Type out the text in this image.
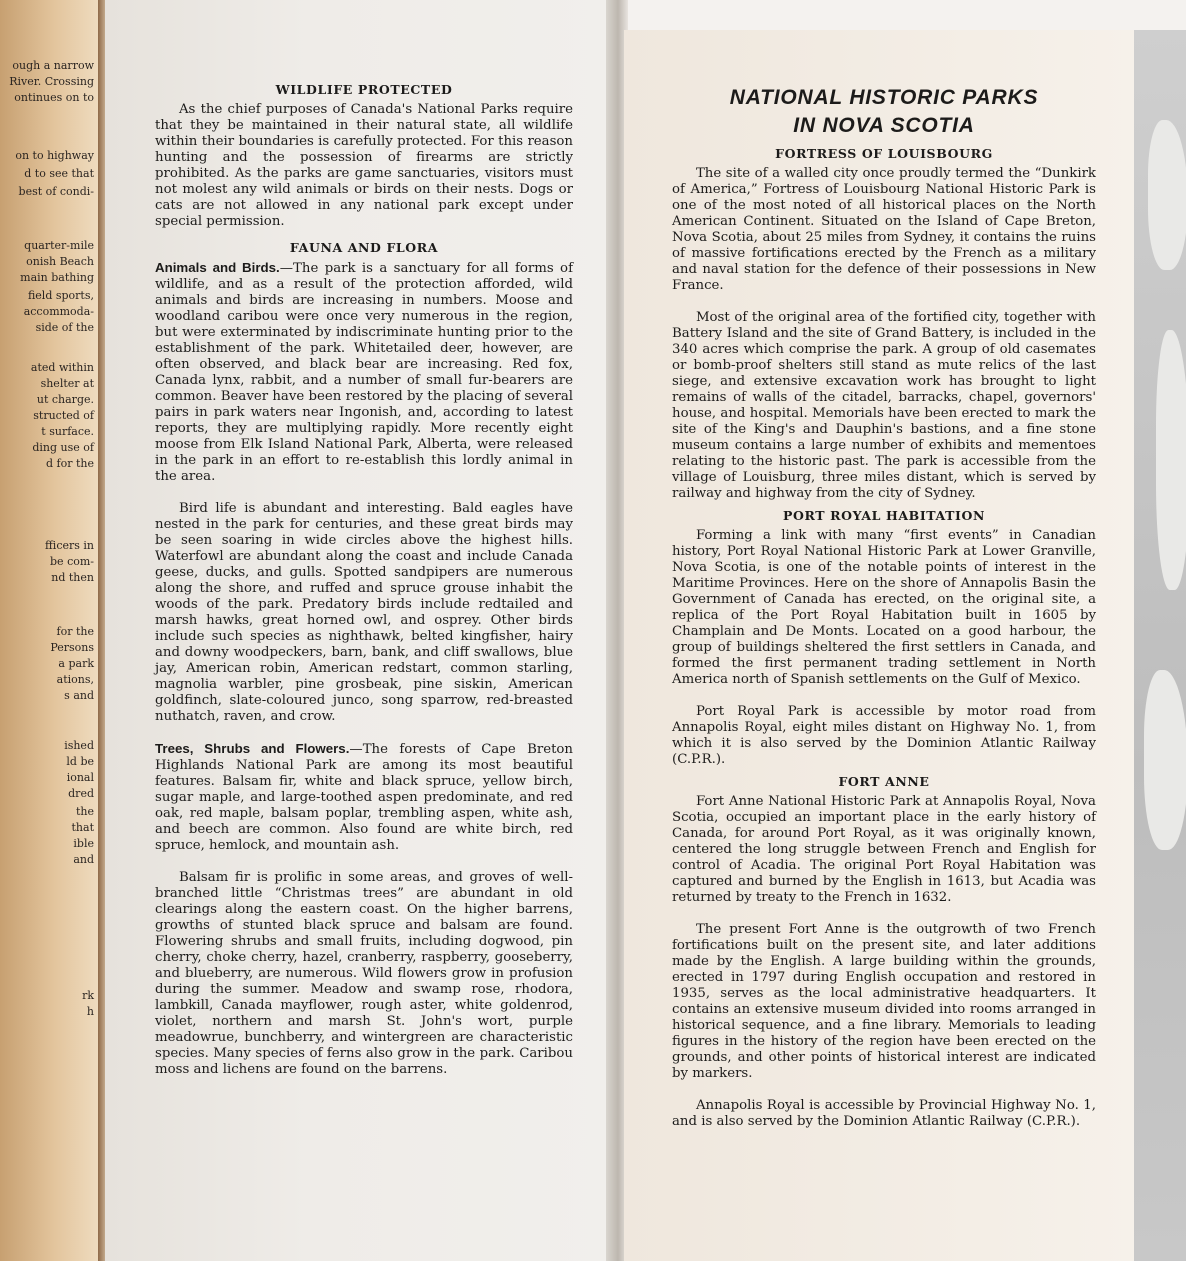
ough a narrow
River. Crossing
ontinues on to
on to highway
d to see that
best of condi-
quarter-mile
onish Beach
main bathing
field sports,
accommoda-
side of the
ated within
shelter at
ut charge.
structed of
t surface.
ding use of
d for the
fficers in
be com-
nd then
for the
Persons
a park
ations,
s and
ished
ld be
ional
dred
the
that
ible
and
rk
h
WILDLIFE PROTECTED

As the chief purposes of Canada's National Parks require that they be maintained in their natural state, all wildlife within their boundaries is carefully protected. For this reason hunting and the possession of firearms are strictly prohibited. As the parks are game sanctuaries, visitors must not molest any wild animals or birds on their nests. Dogs or cats are not allowed in any national park except under special permission.

FAUNA AND FLORA

Animals and Birds.—The park is a sanctuary for all forms of wildlife, and as a result of the protection afforded, wild animals and birds are increasing in numbers. Moose and woodland caribou were once very numerous in the region, but were exterminated by indiscriminate hunting prior to the establishment of the park. Whitetailed deer, however, are often observed, and black bear are increasing. Red fox, Canada lynx, rabbit, and a number of small fur-bearers are common. Beaver have been restored by the placing of several pairs in park waters near Ingonish, and, according to latest reports, they are multiplying rapidly. More recently eight moose from Elk Island National Park, Alberta, were released in the park in an effort to re-establish this lordly animal in the area.

Bird life is abundant and interesting. Bald eagles have nested in the park for centuries, and these great birds may be seen soaring in wide circles above the highest hills. Waterfowl are abundant along the coast and include Canada geese, ducks, and gulls. Spotted sandpipers are numerous along the shore, and ruffed and spruce grouse inhabit the woods of the park. Predatory birds include redtailed and marsh hawks, great horned owl, and osprey. Other birds include such species as nighthawk, belted kingfisher, hairy and downy woodpeckers, barn, bank, and cliff swallows, blue jay, American robin, American redstart, common starling, magnolia warbler, pine grosbeak, pine siskin, American goldfinch, slate-coloured junco, song sparrow, red-breasted nuthatch, raven, and crow.

Trees, Shrubs and Flowers.—The forests of Cape Breton Highlands National Park are among its most beautiful features. Balsam fir, white and black spruce, yellow birch, sugar maple, and large-toothed aspen predominate, and red oak, red maple, balsam poplar, trembling aspen, white ash, and beech are common. Also found are white birch, red spruce, hemlock, and mountain ash.

Balsam fir is prolific in some areas, and groves of well-branched little “Christmas trees” are abundant in old clearings along the eastern coast. On the higher barrens, growths of stunted black spruce and balsam are found. Flowering shrubs and small fruits, including dogwood, pin cherry, choke cherry, hazel, cranberry, raspberry, gooseberry, and blueberry, are numerous. Wild flowers grow in profusion during the summer. Meadow and swamp rose, rhodora, lambkill, Canada mayflower, rough aster, white goldenrod, violet, northern and marsh St. John's wort, purple meadowrue, bunchberry, and wintergreen are characteristic species. Many species of ferns also grow in the park. Caribou moss and lichens are found on the barrens.

NATIONAL HISTORIC PARKS
IN NOVA SCOTIA
FORTRESS OF LOUISBOURG

The site of a walled city once proudly termed the “Dunkirk of America,” Fortress of Louisbourg National Historic Park is one of the most noted of all historical places on the North American Continent. Situated on the Island of Cape Breton, Nova Scotia, about 25 miles from Sydney, it contains the ruins of massive fortifications erected by the French as a military and naval station for the defence of their possessions in New France.

Most of the original area of the fortified city, together with Battery Island and the site of Grand Battery, is included in the 340 acres which comprise the park. A group of old casemates or bomb-proof shelters still stand as mute relics of the last siege, and extensive excavation work has brought to light remains of walls of the citadel, barracks, chapel, governors' house, and hospital. Memorials have been erected to mark the site of the King's and Dauphin's bastions, and a fine stone museum contains a large number of exhibits and mementoes relating to the historic past. The park is accessible from the village of Louisburg, three miles distant, which is served by railway and highway from the city of Sydney.

PORT ROYAL HABITATION

Forming a link with many “first events” in Canadian history, Port Royal National Historic Park at Lower Granville, Nova Scotia, is one of the notable points of interest in the Maritime Provinces. Here on the shore of Annapolis Basin the Government of Canada has erected, on the original site, a replica of the Port Royal Habitation built in 1605 by Champlain and De Monts. Located on a good harbour, the group of buildings sheltered the first settlers in Canada, and formed the first permanent trading settlement in North America north of Spanish settlements on the Gulf of Mexico.

Port Royal Park is accessible by motor road from Annapolis Royal, eight miles distant on Highway No. 1, from which it is also served by the Dominion Atlantic Railway (C.P.R.).

FORT ANNE

Fort Anne National Historic Park at Annapolis Royal, Nova Scotia, occupied an important place in the early history of Canada, for around Port Royal, as it was originally known, centered the long struggle between French and English for control of Acadia. The original Port Royal Habitation was captured and burned by the English in 1613, but Acadia was returned by treaty to the French in 1632.

The present Fort Anne is the outgrowth of two French fortifications built on the present site, and later additions made by the English. A large building within the grounds, erected in 1797 during English occupation and restored in 1935, serves as the local administrative headquarters. It contains an extensive museum divided into rooms arranged in historical sequence, and a fine library. Memorials to leading figures in the history of the region have been erected on the grounds, and other points of historical interest are indicated by markers.

Annapolis Royal is accessible by Provincial Highway No. 1, and is also served by the Dominion Atlantic Railway (C.P.R.).
